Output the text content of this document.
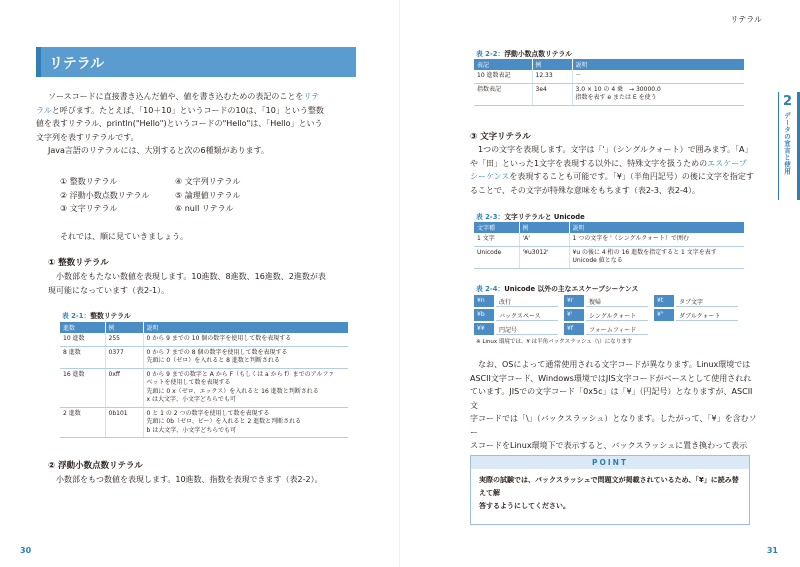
リテラル
ソースコードに直接書き込んだ値や、値を書き込むための表記のことをリテ
ラルと呼びます。たとえば、「10＋10」というコードの10は、「10」という整数
値を表すリテラル、println("Hello")というコードの"Hello"は、「Hello」という
文字列を表すリテラルです。
Java言語のリテラルには、大別すると次の6種類があります。
① 整数リテラル
② 浮動小数点数リテラル
③ 文字リテラル
④ 文字列リテラル
⑤ 論理値リテラル
⑥ null リテラル
それでは、順に見ていきましょう。
① 整数リテラル
小数部をもたない数値を表現します。10進数、8進数、16進数、2進数が表
現可能になっています（表2-1）。
表 2-1：整数リテラル
進数	例	説明
10 進数	255	0 から 9 までの 10 個の数字を使用して数を表現する
8 進数	0377	0 から 7 までの 8 個の数字を使用して数を表現する
先頭に 0（ゼロ）を入れると 8 進数と判断される
16 進数	0xff	0 から 9 までの数字と A から F（もしくは a から f）までのアルファ
ベットを使用して数を表現する
先頭に 0 x（ゼロ、エックス）を入れると 16 進数と判断される
x は大文字、小文字どちらでも可
2 進数	0b101	0 と 1 の 2 つの数字を使用して数を表現する
先頭に 0b（ゼロ、ビー）を入れると 2 進数と判断される
b は大文字、小文字どちらでも可
② 浮動小数点数リテラル
小数部をもつ数値を表現します。10進数、指数を表現できます（表2-2）。
30
リテラル
2
データの宣言と使用
31
表 2-2：浮動小数点数リテラル
表記	例	説明
10 進数表記	12.33	－
指数表記	3e4	3.0 × 10 の 4 乗　→ 30000.0
指数を表す e または E を使う
③ 文字リテラル
1つの文字を表現します。文字は「'」（シングルクォート）で囲みます。「A」
や「田」といった1文字を表現する以外に、特殊文字を扱うためのエスケープ
シーケンスを表現することも可能です。「¥」（半角円記号）の後に文字を指定す
ることで、その文字が特殊な意味をもちます（表2-3、表2-4）。
表 2-3：文字リテラルと Unicode
文字種	例	説明
1 文字	'A'	1 つの文字を '（シングルクォート）で囲む
Unicode	'¥u3012'	¥u の後に 4 桁の 16 進数を指定すると 1 文字を表す
Unicode 値となる
表 2-4：Unicode 以外の主なエスケープシーケンス
¥n	改行	¥r	復帰	¥t	タブ文字
¥b	バックスペース	¥'	シングルクォート	¥"	ダブルクォート
¥¥	円記号	¥f	フォームフィード
※ Linux 環境では、¥ は半角バックスラッシュ（\）になります
なお、OSによって通常使用される文字コードが異なります。Linux環境では
ASCII文字コード、Windows環境ではJIS文字コードがベースとして使用されれ
ています。JISでの文字コード「0x5c」は「¥」（円記号）となりますが、ASCII文
字コードでは「\」（バックスラッシュ）となります。したがって、「¥」を含むソー
スコードをLinux環境下で表示すると、バックスラッシュに置き換わって表示
POINT
実際の試験では、バックスラッシュで問題文が掲載されているため、「¥」に読み替えて解
答するようにしてください。
